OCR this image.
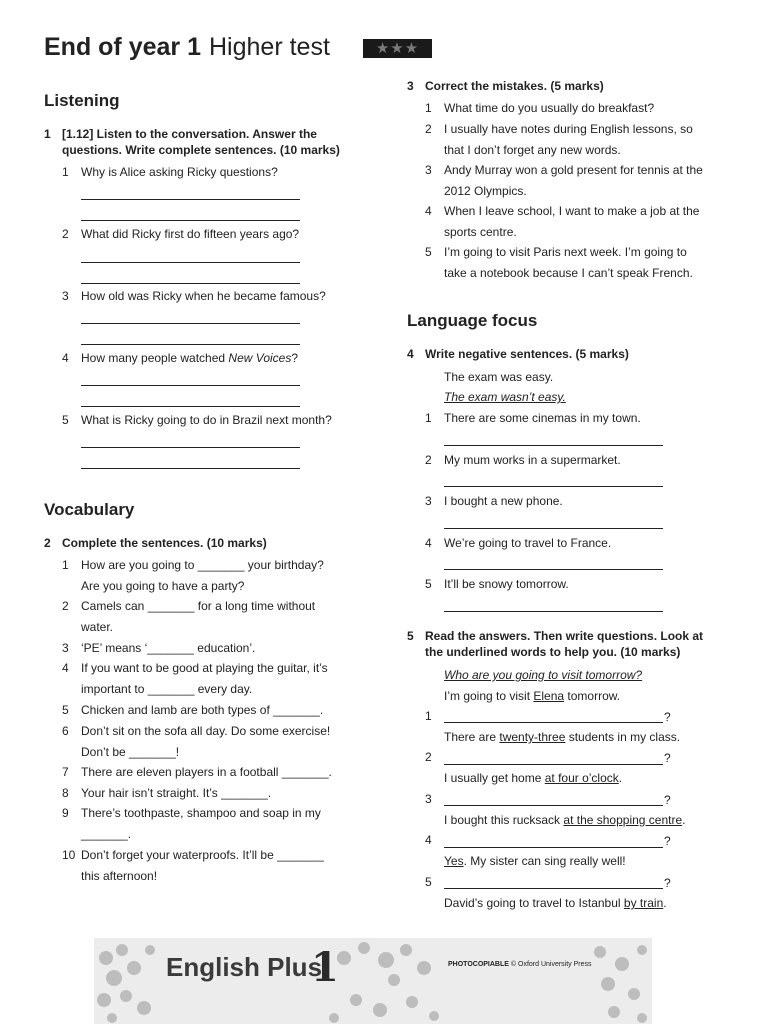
End of year 1 Higher test	★★★
Listening
1 [1.12] Listen to the conversation. Answer the
questions. Write complete sentences. (10 marks)
1 Why is Alice asking Ricky questions?
2 What did Ricky first do fifteen years ago?
3 How old was Ricky when he became famous?
4 How many people watched New Voices?
5 What is Ricky going to do in Brazil next month?
Vocabulary
2 Complete the sentences. (10 marks)
1 How are you going to _______ your birthday?
Are you going to have a party?
2 Camels can _______ for a long time without
water.
3 ‘PE’ means ‘_______ education’.
4 If you want to be good at playing the guitar, it’s
important to _______ every day.
5 Chicken and lamb are both types of _______.
6 Don’t sit on the sofa all day. Do some exercise!
Don’t be _______!
7 There are eleven players in a football _______.
8 Your hair isn’t straight. It’s _______.
9 There’s toothpaste, shampoo and soap in my
_______.
10 Don’t forget your waterproofs. It’ll be _______
this afternoon!
3 Correct the mistakes. (5 marks)
1 What time do you usually do breakfast?
2 I usually have notes during English lessons, so
that I don’t forget any new words.
3 Andy Murray won a gold present for tennis at the
2012 Olympics.
4 When I leave school, I want to make a job at the
sports centre.
5 I’m going to visit Paris next week. I’m going to
take a notebook because I can’t speak French.
Language focus
4 Write negative sentences. (5 marks)
The exam was easy.
The exam wasn’t easy.
1 There are some cinemas in my town.
2 My mum works in a supermarket.
3 I bought a new phone.
4 We’re going to travel to France.
5 It’ll be snowy tomorrow.
5 Read the answers. Then write questions. Look at
the underlined words to help you. (10 marks)
Who are you going to visit tomorrow?
I’m going to visit Elena tomorrow.
1	?
There are twenty-three students in my class.
2	?
I usually get home at four o’clock.
3	?
I bought this rucksack at the shopping centre.
4	?
Yes. My sister can sing really well!
5	?
David’s going to travel to Istanbul by train.
English Plus
1	PHOTOCOPIABLE © Oxford University Press
